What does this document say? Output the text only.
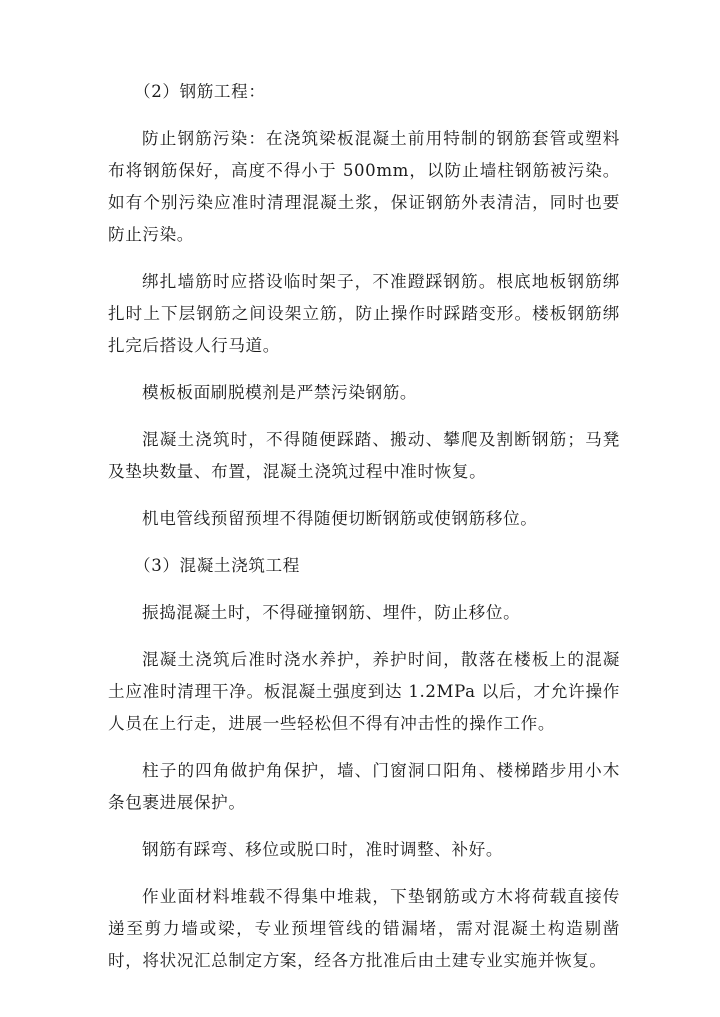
（2）钢筋工程：
防止钢筋污染：在浇筑梁板混凝土前用特制的钢筋套管或塑料布将钢筋保好，高度不得小于 500mm，以防止墙柱钢筋被污染。如有个别污染应准时清理混凝土浆，保证钢筋外表清洁，同时也要防止污染。
绑扎墙筋时应搭设临时架子，不准蹬踩钢筋。根底地板钢筋绑扎时上下层钢筋之间设架立筋，防止操作时踩踏变形。楼板钢筋绑扎完后搭设人行马道。
模板板面刷脱模剂是严禁污染钢筋。
混凝土浇筑时，不得随便踩踏、搬动、攀爬及割断钢筋；马凳及垫块数量、布置，混凝土浇筑过程中准时恢复。
机电管线预留预埋不得随便切断钢筋或使钢筋移位。
（3）混凝土浇筑工程
振捣混凝土时，不得碰撞钢筋、埋件，防止移位。
混凝土浇筑后准时浇水养护，养护时间，散落在楼板上的混凝土应准时清理干净。板混凝土强度到达 1.2MPa 以后，才允许操作人员在上行走，进展一些轻松但不得有冲击性的操作工作。
柱子的四角做护角保护，墙、门窗洞口阳角、楼梯踏步用小木条包裹进展保护。
钢筋有踩弯、移位或脱口时，准时调整、补好。
作业面材料堆载不得集中堆栽，下垫钢筋或方木将荷载直接传递至剪力墙或梁，专业预埋管线的错漏堵，需对混凝土构造剔凿时，将状况汇总制定方案，经各方批准后由土建专业实施并恢复。
